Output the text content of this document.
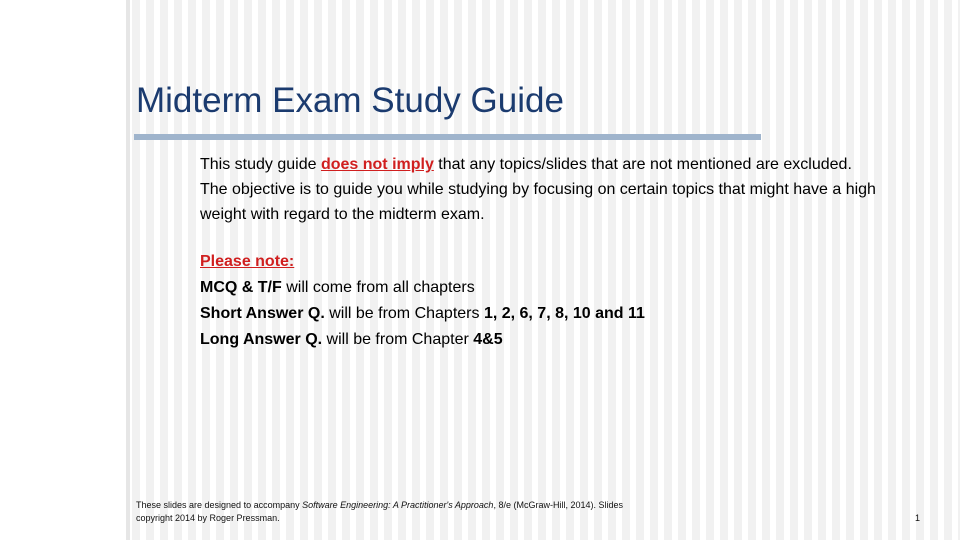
Midterm Exam Study Guide

This study guide does not imply that any topics/slides that are not mentioned are excluded.

The objective is to guide you while studying by focusing on certain topics that might have a high weight with regard to the midterm exam.

Please note:

MCQ & T/F will come from all chapters

Short Answer Q. will be from Chapters 1, 2, 6, 7, 8, 10 and 11

Long Answer Q. will be from Chapter 4&5

These slides are designed to accompany Software Engineering: A Practitioner's Approach, 8/e (McGraw-Hill, 2014). Slides
copyright 2014 by Roger Pressman.	1
